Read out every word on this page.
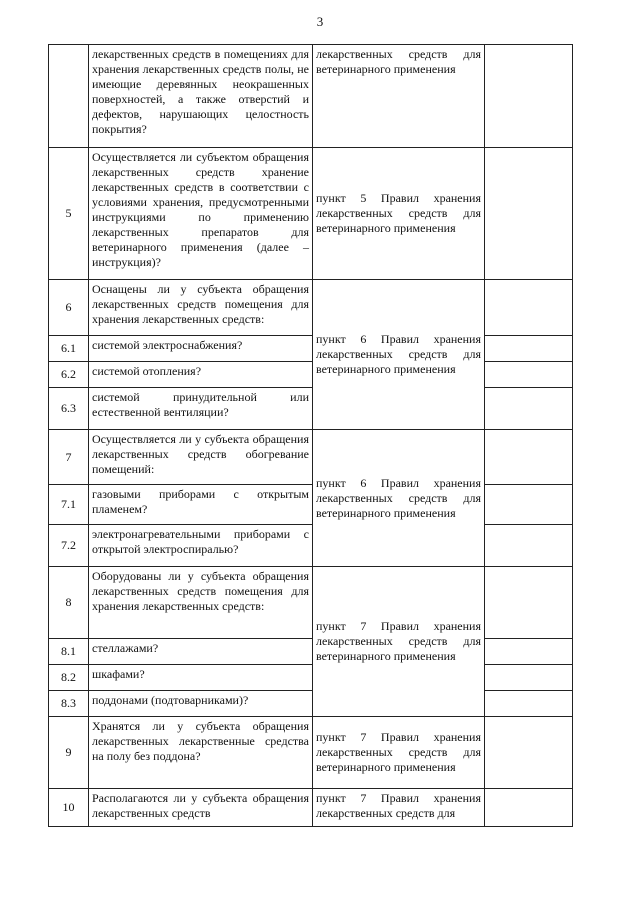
3
	лекарственных средств в помещениях для хранения лекарственных средств полы, не имеющие деревянных неокрашенных поверхностей, а также отверстий и дефектов, нарушающих целостность покрытия?	лекарственных средств для ветеринарного применения	
5	Осуществляется ли субъектом обращения лекарственных средств хранение лекарственных средств в соответствии с условиями хранения, предусмотренными инструкциями по применению лекарственных препаратов для ветеринарного применения (далее – инструкция)?	пункт 5 Правил хранения лекарственных средств для ветеринарного применения	
6	Оснащены ли у субъекта обращения лекарственных средств помещения для хранения лекарственных средств:	пункт 6 Правил хранения лекарственных средств для ветеринарного применения	
6.1	системой электроснабжения?		
6.2	системой отопления?		
6.3	системой принудительной или естественной вентиляции?		
7	Осуществляется ли у субъекта обращения лекарственных средств обогревание помещений:	пункт 6 Правил хранения лекарственных средств для ветеринарного применения	
7.1	газовыми приборами с открытым пламенем?		
7.2	электронагревательными приборами с открытой электроспиралью?		
8	Оборудованы ли у субъекта обращения лекарственных средств помещения для хранения лекарственных средств:	пункт 7 Правил хранения лекарственных средств для ветеринарного применения	
8.1	стеллажами?		
8.2	шкафами?		
8.3	поддонами (подтоварниками)?		
9	Хранятся ли у субъекта обращения лекарственных лекарственные средства на полу без поддона?	пункт 7 Правил хранения лекарственных средств для ветеринарного применения	
10	Располагаются ли у субъекта обращения лекарственных средств	пункт 7 Правил хранения лекарственных средств для	
